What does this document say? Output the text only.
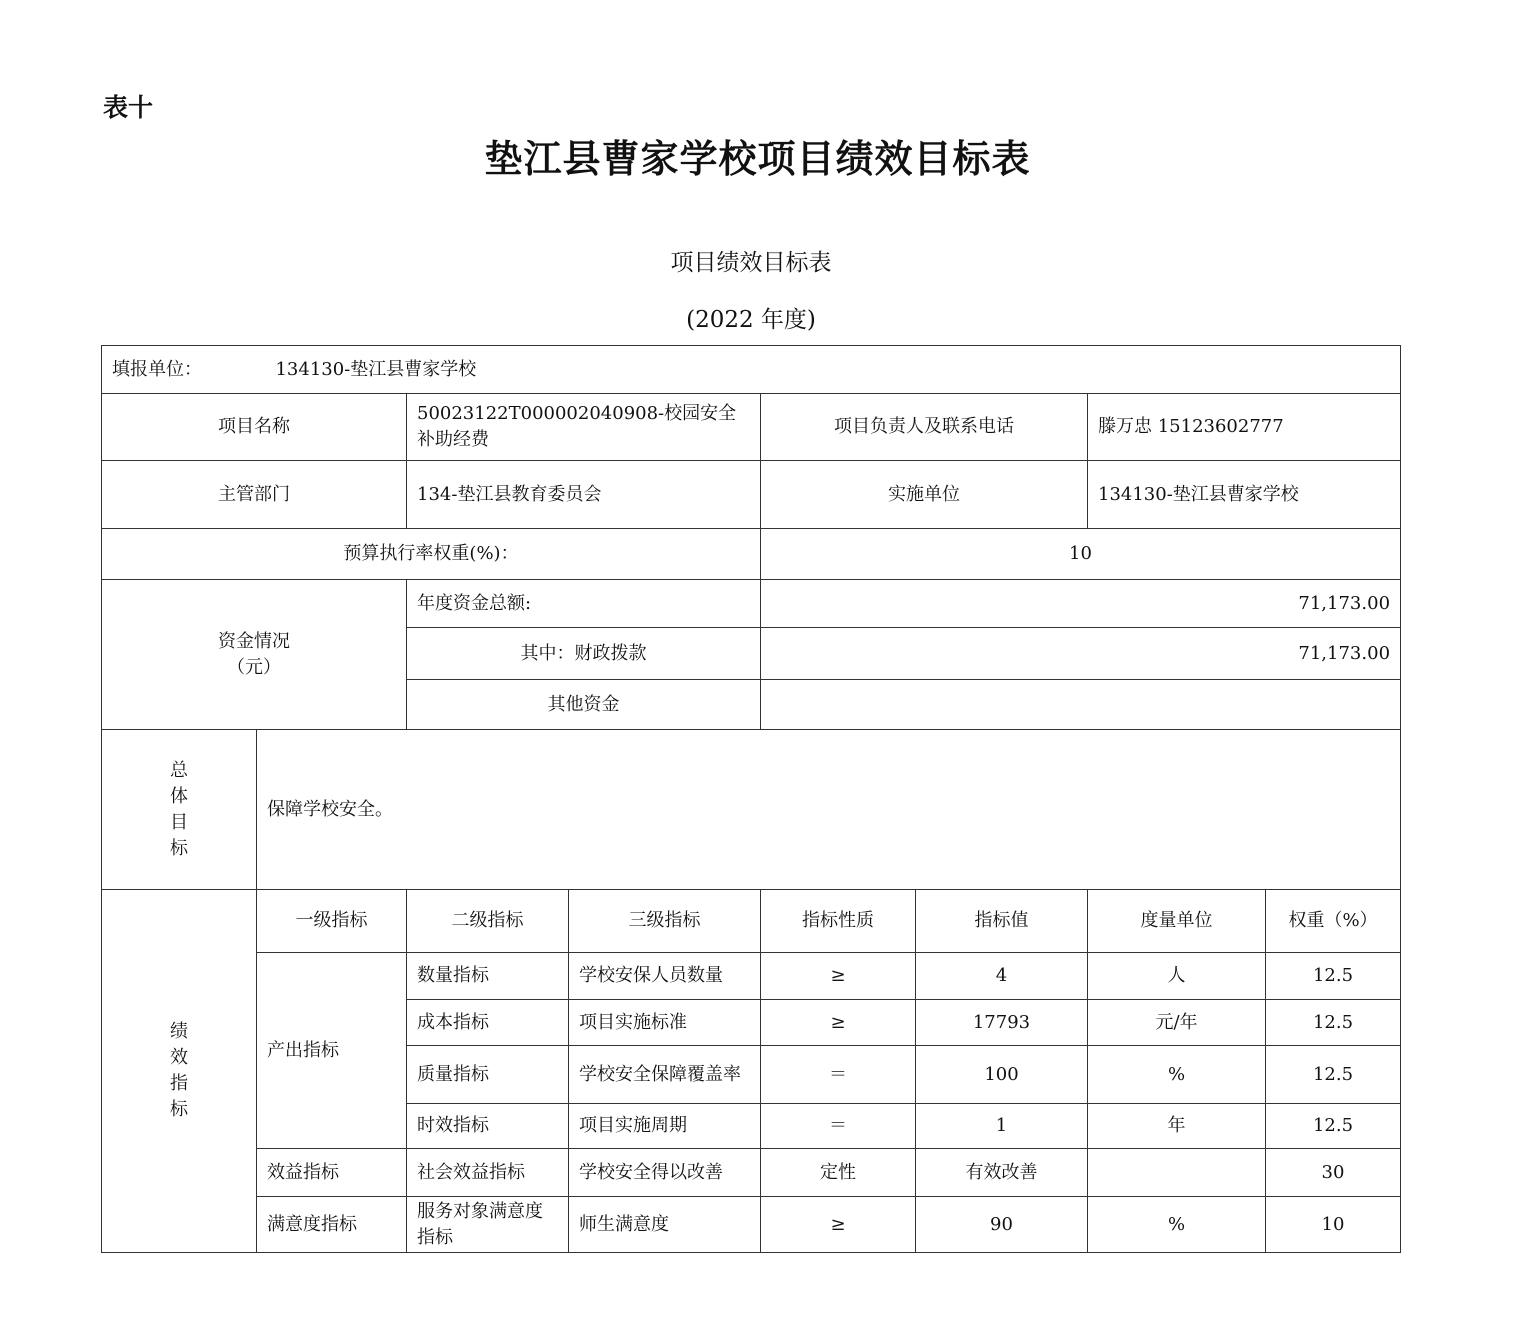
表十
垫江县曹家学校项目绩效目标表
项目绩效目标表
(2022 年度)
填报单位： 134130-垫江县曹家学校							
项目名称		50023122T000002040908-校园安全补助经费		项目负责人及联系电话		滕万忠 15123602777	
主管部门		134-垫江县教育委员会		实施单位		134130-垫江县曹家学校	
预算执行率权重(%)：				10			

资金情况
（元）		年度资金总额:		71,173.00			
		其中：财政拨款		71,173.00			
		其他资金					

总
体
目
标	保障学校安全。						

绩
效
指
标	一级指标	二级指标	三级指标	指标性质	指标值	度量单位	权重（%）
	产出指标	数量指标	学校安保人员数量	≥	4	人	12.5
		成本指标	项目实施标准	≥	17793	元/年	12.5
		质量指标	学校安全保障覆盖率	＝	100	%	12.5
		时效指标	项目实施周期	＝	1	年	12.5
	效益指标	社会效益指标	学校安全得以改善	定性	有效改善		30
	满意度指标	服务对象满意度指标	师生满意度	≥	90	%	10
